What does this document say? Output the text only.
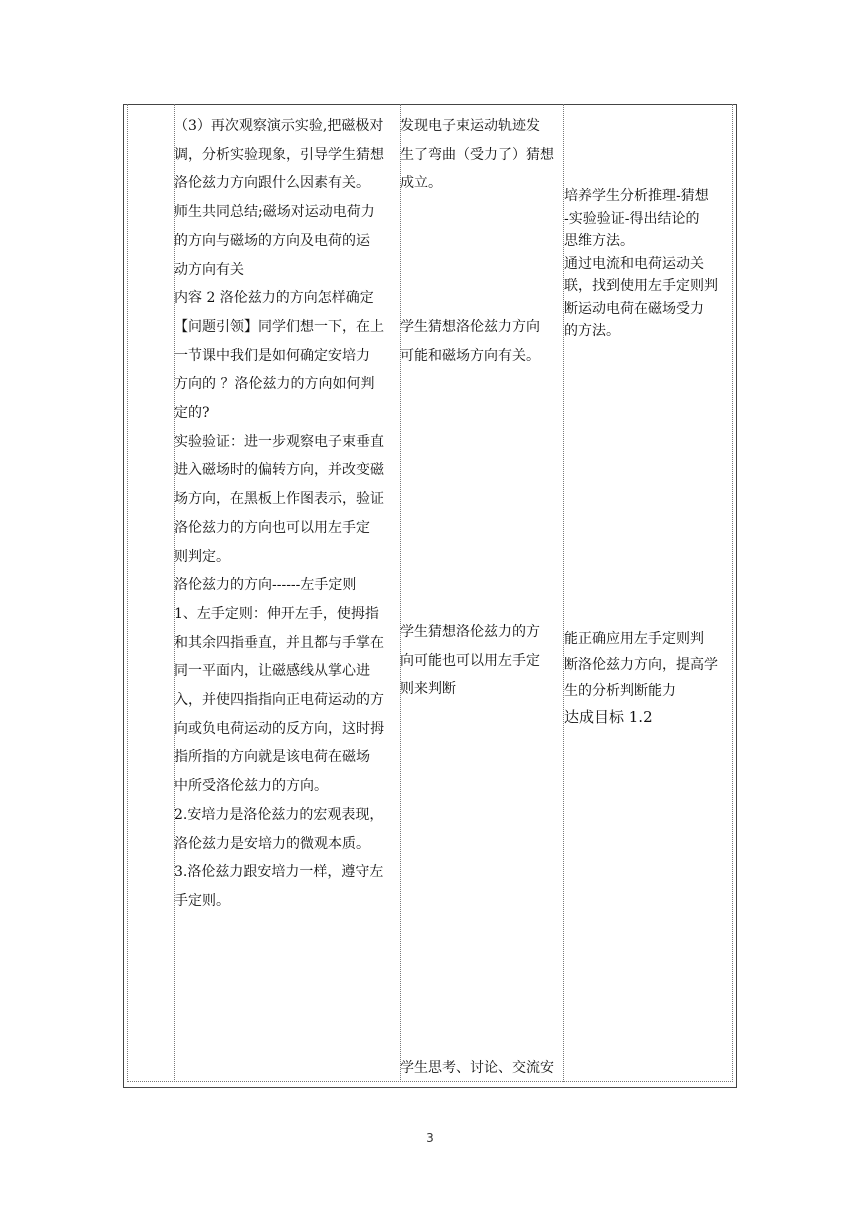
（3）再次观察演示实验,把磁极对

调，分析实验现象，引导学生猜想

洛伦兹力方向跟什么因素有关。

师生共同总结;磁场对运动电荷力

的方向与磁场的方向及电荷的运

动方向有关

内容 2 洛伦兹力的方向怎样确定

【问题引领】同学们想一下，在上

一节课中我们是如何确定安培力

方向的 ？洛伦兹力的方向如何判

定的?

实验验证：进一步观察电子束垂直

进入磁场时的偏转方向，并改变磁

场方向，在黑板上作图表示，验证

洛伦兹力的方向也可以用左手定

则判定。

洛伦兹力的方向------左手定则

1、左手定则：伸开左手，使拇指

和其余四指垂直，并且都与手掌在

同一平面内，让磁感线从掌心进

入，并使四指指向正电荷运动的方

向或负电荷运动的反方向，这时拇

指所指的方向就是该电荷在磁场

中所受洛伦兹力的方向。

2.安培力是洛伦兹力的宏观表现，

洛伦兹力是安培力的微观本质。

3.洛伦兹力跟安培力一样，遵守左

手定则。

发现电子束运动轨迹发

生了弯曲（受力了）猜想

成立。

学生猜想洛伦兹力方向

可能和磁场方向有关。

学生猜想洛伦兹力的方

向可能也可以用左手定

则来判断

学生思考、讨论、交流安

培养学生分析推理-猜想

-实验验证-得出结论的

思维方法。

通过电流和电荷运动关

联，找到使用左手定则判

断运动电荷在磁场受力

的方法。

能正确应用左手定则判

断洛伦兹力方向，提高学

生的分析判断能力

达成目标 1.2

3
